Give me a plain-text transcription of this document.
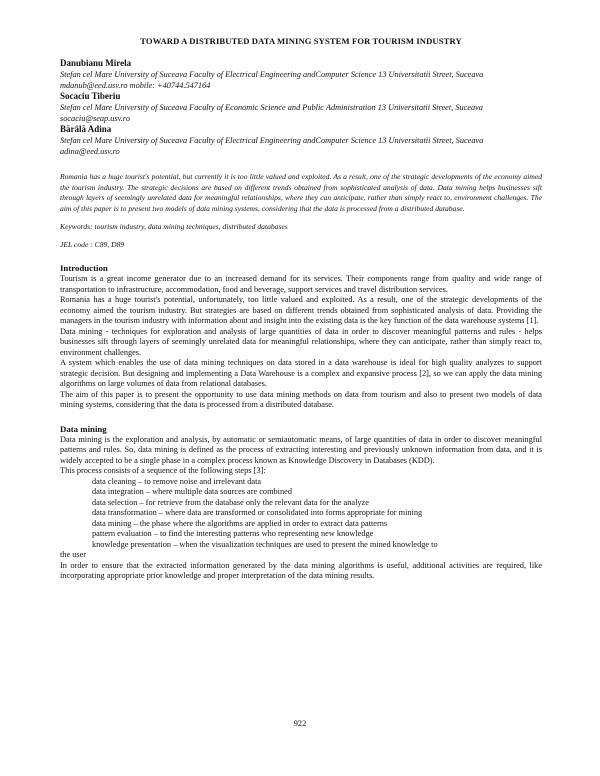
TOWARD A DISTRIBUTED DATA MINING SYSTEM FOR TOURISM INDUSTRY
Danubianu Mirela
Stefan cel Mare University of Suceava Faculty of Electrical Engineering andComputer Science 13 Universitatii Street, Suceava mdanub@eed.usv.ro mobile: +40744.547164
Socaciu Tiberiu
Stefan cel Mare University of Suceava Faculty of Economic Science and Public Administration 13 Universitatii Street, Suceava socaciu@seap.usv.ro
Bărâlă Adina
Stefan cel Mare University of Suceava Faculty of Electrical Engineering andComputer Science 13 Universitatii Street, Suceava adina@eed.usv.ro
Romania has a huge tourist's potential, but currently it is too little valued and exploited. As a result, one of the strategic developments of the economy aimed the tourism industry. The strategic decisions are based on different trends obtained from sophisticated analysis of data. Data mining helps businesses sift through layers of seemingly unrelated data for meaningful relationships, where they can anticipate, rather than simply react to, environment challenges. The aim of this paper is to present two models of data mining systems, considering that the data is processed from a distributed database.
Keywords: tourism industry, data mining techniques, distributed databases
JEL code : C89, D89
Introduction

Tourism is a great income generator due to an increased demand for its services. Their components range from quality and wide range of transportation to infrastructure, accommodation, food and beverage, support services and travel distribution services.

Romania has a huge tourist's potential, unfortunately, too little valued and exploited. As a result, one of the strategic developments of the economy aimed the tourism industry. But strategies are based on different trends obtained from sophisticated analysis of data. Providing the managers in the tourism industry with information about and insight into the existing data is the key function of the data warehouse systems [1].

Data mining - techniques for exploration and analysis of large quantities of data in order to discover meaningful patterns and rules - helps businesses sift through layers of seemingly unrelated data for meaningful relationships, where they can anticipate, rather than simply react to, environment challenges.

A system which enables the use of data mining techniques on data stored in a data warehouse is ideal for high quality analyzes to support strategic decision. But designing and implementing a Data Warehouse is a complex and expansive process [2], so we can apply the data mining algorithms on large volumes of data from relational databases.

The aim of this paper is to present the opportunity to use data mining methods on data from tourism and also to present two models of data mining systems, considering that the data is processed from a distributed database.

Data mining

Data mining is the exploration and analysis, by automatic or semiautomatic means, of large quantities of data in order to discover meaningful patterns and rules. So, data mining is defined as the process of extracting interesting and previously unknown information from data, and it is widely accepted to be a single phase in a complex process known as Knowledge Discovery in Databases (KDD).

This process consists of a sequence of the following steps [3]:

data cleaning – to remove noise and irrelevant data
data integration – where multiple data sources are combined
data selection – for retrieve from the database only the relevant data for the analyze
data transformation – where data are transformed or consolidated into forms appropriate for mining
data mining – the phase where the algorithms are applied in order to extract data patterns
pattern evaluation – to find the interesting patterns who representing new knowledge
knowledge presentation – when the visualization techniques are used to present the mined knowledge to

the user

In order to ensure that the extracted information generated by the data mining algorithms is useful, additional activities are required, like incorporating appropriate prior knowledge and proper interpretation of the data mining results.

922
